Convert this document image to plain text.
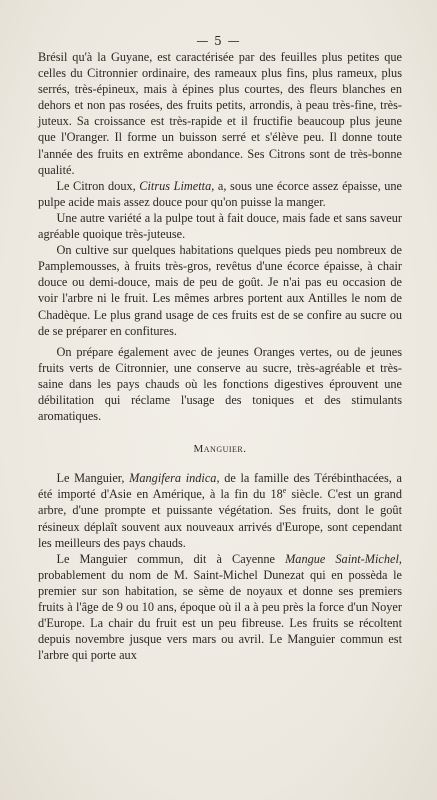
— 5 —

Brésil qu'à la Guyane, est caractérisée par des feuilles plus petites que celles du Citronnier ordinaire, des rameaux plus fins, plus rameux, plus serrés, très-épineux, mais à épines plus courtes, des fleurs blanches en dehors et non pas rosées, des fruits petits, arrondis, à peau très-fine, très-juteux. Sa croissance est très-rapide et il fructifie beaucoup plus jeune que l'Oranger. Il forme un buisson serré et s'élève peu. Il donne toute l'année des fruits en extrême abondance. Ses Citrons sont de très-bonne qualité.

Le Citron doux, Citrus Limetta, a, sous une écorce assez épaisse, une pulpe acide mais assez douce pour qu'on puisse la manger.

Une autre variété a la pulpe tout à fait douce, mais fade et sans saveur agréable quoique très-juteuse.

On cultive sur quelques habitations quelques pieds peu nombreux de Pamplemousses, à fruits très-gros, revêtus d'une écorce épaisse, à chair douce ou demi-douce, mais de peu de goût. Je n'ai pas eu occasion de voir l'arbre ni le fruit. Les mêmes arbres portent aux Antilles le nom de Chadèque. Le plus grand usage de ces fruits est de se confire au sucre ou de se préparer en confitures.

On prépare également avec de jeunes Oranges vertes, ou de jeunes fruits verts de Citronnier, une conserve au sucre, très-agréable et très-saine dans les pays chauds où les fonctions digestives éprouvent une débilitation qui réclame l'usage des toniques et des stimulants aromatiques.

Manguier.

Le Manguier, Mangifera indica, de la famille des Térébinthacées, a été importé d'Asie en Amérique, à la fin du 18e siècle. C'est un grand arbre, d'une prompte et puissante végétation. Ses fruits, dont le goût résineux déplaît souvent aux nouveaux arrivés d'Europe, sont cependant les meilleurs des pays chauds.

Le Manguier commun, dit à Cayenne Mangue Saint-Michel, probablement du nom de M. Saint-Michel Dunezat qui en possèda le premier sur son habitation, se sème de noyaux et donne ses premiers fruits à l'âge de 9 ou 10 ans, époque où il a à peu près la force d'un Noyer d'Europe. La chair du fruit est un peu fibreuse. Les fruits se récoltent depuis novembre jusque vers mars ou avril. Le Manguier commun est l'arbre qui porte aux
